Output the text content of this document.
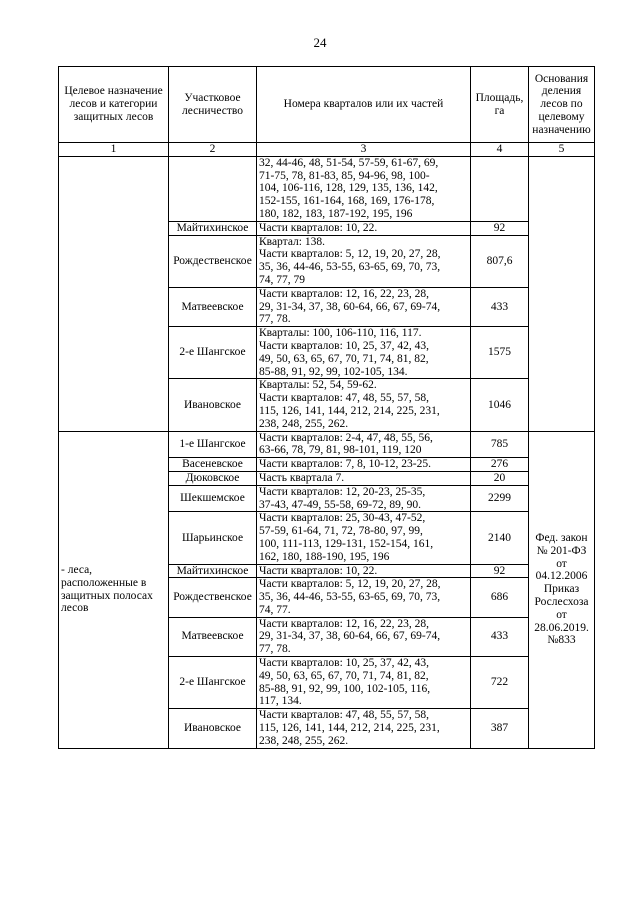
24
Целевое назначение лесов и категории защитных лесов	Участковое лесничество	Номера кварталов или их частей	Площадь, га	Основания деления лесов по целевому назначению
1	2	3	4	5

		32, 44-46, 48, 51-54, 57-59, 61-67, 69,
71-75, 78, 81-83, 85, 94-96, 98, 100-
104, 106-116, 128, 129, 135, 136, 142,
152-155, 161-164, 168, 169, 176-178,
180, 182, 183, 187-192, 195, 196		

	Майтихинское	Части кварталов: 10, 22.	92	
	Рождественское	Квартал: 138.
Части кварталов: 5, 12, 19, 20, 27, 28,
35, 36, 44-46, 53-55, 63-65, 69, 70, 73,
74, 77, 79	807,6	
	Матвеевское	Части кварталов: 12, 16, 22, 23, 28,
29, 31-34, 37, 38, 60-64, 66, 67, 69-74,
77, 78.	433	
	2-е Шангское	Кварталы: 100, 106-110, 116, 117.
Части кварталов: 10, 25, 37, 42, 43,
49, 50, 63, 65, 67, 70, 71, 74, 81, 82,
85-88, 91, 92, 99, 102-105, 134.	1575	
	Ивановское	Кварталы: 52, 54, 59-62.
Части кварталов: 47, 48, 55, 57, 58,
115, 126, 141, 144, 212, 214, 225, 231,
238, 248, 255, 262.	1046	
- леса, расположенные в защитных полосах лесов	1-е Шангское	Части кварталов: 2-4, 47, 48, 55, 56,
63-66, 78, 79, 81, 98-101, 119, 120	785	Фед. закон № 201-ФЗ от 04.12.2006 Приказ Рослесхоза от 28.06.2019. №833
	Васеневское	Части кварталов: 7, 8, 10-12, 23-25.	276	
	Дюковское	Часть квартала 7.	20	
	Шекшемское	Части кварталов: 12, 20-23, 25-35,
37-43, 47-49, 55-58, 69-72, 89, 90.	2299	
	Шарьинское	Части кварталов: 25, 30-43, 47-52,
57-59, 61-64, 71, 72, 78-80, 97, 99,
100, 111-113, 129-131, 152-154, 161,
162, 180, 188-190, 195, 196	2140	
	Майтихинское	Части кварталов: 10, 22.	92	
	Рождественское	Части кварталов: 5, 12, 19, 20, 27, 28,
35, 36, 44-46, 53-55, 63-65, 69, 70, 73,
74, 77.	686	
	Матвеевское	Части кварталов: 12, 16, 22, 23, 28,
29, 31-34, 37, 38, 60-64, 66, 67, 69-74,
77, 78.	433	
	2-е Шангское	Части кварталов: 10, 25, 37, 42, 43,
49, 50, 63, 65, 67, 70, 71, 74, 81, 82,
85-88, 91, 92, 99, 100, 102-105, 116,
117, 134.	722	
	Ивановское	Части кварталов: 47, 48, 55, 57, 58,
115, 126, 141, 144, 212, 214, 225, 231,
238, 248, 255, 262.	387	
